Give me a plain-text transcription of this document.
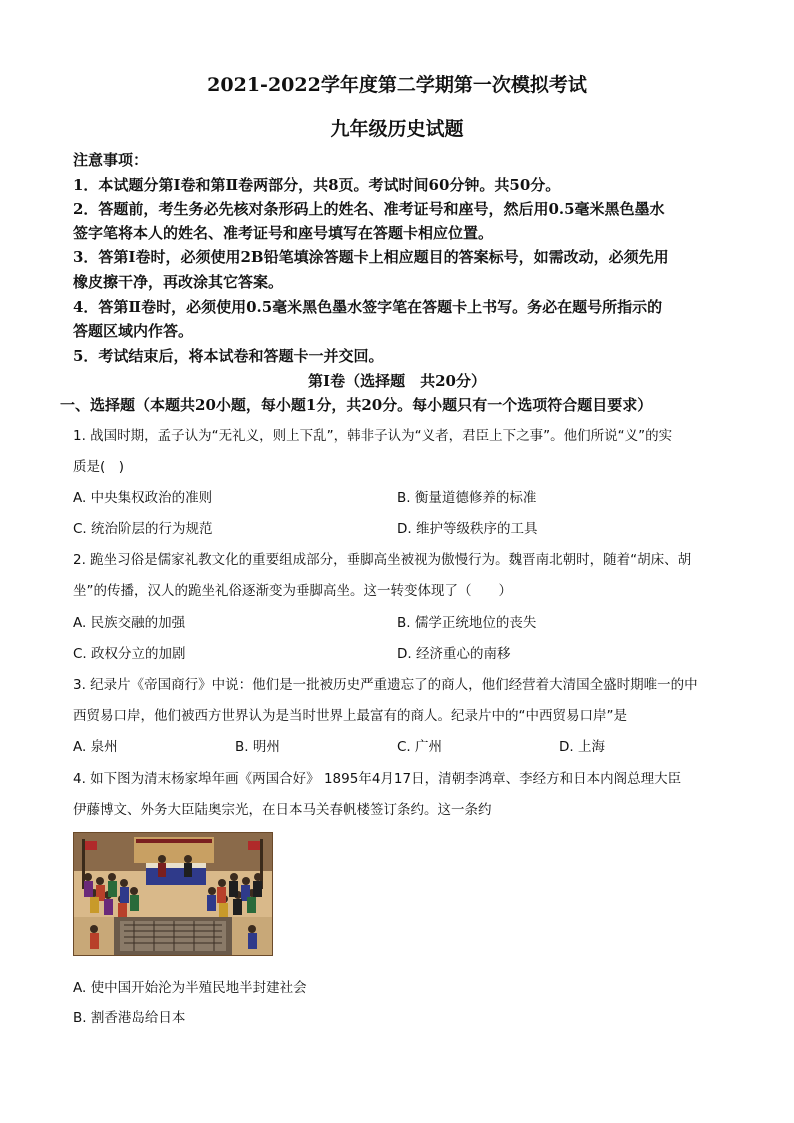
2021-2022学年度第二学期第一次模拟考试
九年级历史试题
注意事项：
1．本试题分第Ⅰ卷和第Ⅱ卷两部分，共8页。考试时间60分钟。共50分。
2．答题前，考生务必先核对条形码上的姓名、准考证号和座号，然后用0.5毫米黑色墨水
签字笔将本人的姓名、准考证号和座号填写在答题卡相应位置。
3．答第Ⅰ卷时，必须使用2B铅笔填涂答题卡上相应题目的答案标号，如需改动，必须先用
橡皮擦干净，再改涂其它答案。
4．答第Ⅱ卷时，必须使用0.5毫米黑色墨水签字笔在答题卡上书写。务必在题号所指示的
答题区域内作答。
5．考试结束后，将本试卷和答题卡一并交回。
第Ⅰ卷（选择题　共20分）
一、选择题（本题共20小题，每小题1分，共20分。每小题只有一个选项符合题目要求）
1. 战国时期，孟子认为“无礼义，则上下乱”，韩非子认为“义者，君臣上下之事”。他们所说“义”的实
质是(　)
A. 中央集权政治的准则	B. 衡量道德修养的标准
C. 统治阶层的行为规范	D. 维护等级秩序的工具
2. 跪坐习俗是儒家礼教文化的重要组成部分，垂脚高坐被视为傲慢行为。魏晋南北朝时，随着“胡床、胡
坐”的传播，汉人的跪坐礼俗逐渐变为垂脚高坐。这一转变体现了（　　）
A. 民族交融的加强	B. 儒学正统地位的丧失
C. 政权分立的加剧	D. 经济重心的南移
3. 纪录片《帝国商行》中说：他们是一批被历史严重遗忘了的商人，他们经营着大清国全盛时期唯一的中
西贸易口岸，他们被西方世界认为是当时世界上最富有的商人。纪录片中的“中西贸易口岸”是
A. 泉州	B. 明州	C. 广州	D. 上海
4. 如下图为清末杨家埠年画《两国合好》 1895年4月17日，清朝李鸿章、李经方和日本内阁总理大臣
伊藤博文、外务大臣陆奥宗光，在日本马关春帆楼签订条约。这一条约
A. 使中国开始沦为半殖民地半封建社会
B. 割香港岛给日本
